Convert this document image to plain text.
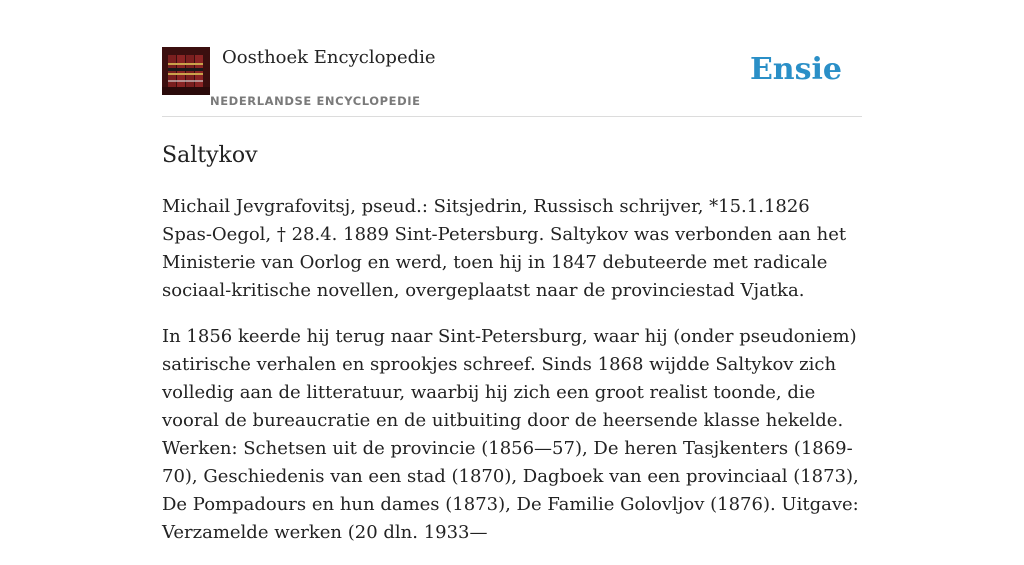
Oosthoek Encyclopedie
NEDERLANDSE ENCYCLOPEDIE
Ensie
Saltykov

Michail Jevgrafovitsj, pseud.: Sitsjedrin, Russisch schrijver, *15.1.1826 Spas-Oegol, † 28.4. 1889 Sint-Petersburg. Saltykov was verbonden aan het Ministerie van Oorlog en werd, toen hij in 1847 debuteerde met radicale sociaal-kritische novellen, overgeplaatst naar de provinciestad Vjatka.

In 1856 keerde hij terug naar Sint-Petersburg, waar hij (onder pseudoniem) satirische verhalen en sprookjes schreef. Sinds 1868 wijdde Saltykov zich volledig aan de litteratuur, waarbij hij zich een groot realist toonde, die vooral de bureaucratie en de uitbuiting door de heersende klasse hekelde. Werken: Schetsen uit de provincie (1856—57), De heren Tasjkenters (1869-70), Geschiedenis van een stad (1870), Dagboek van een provinciaal (1873), De Pompadours en hun dames (1873), De Familie Golovljov (1876). Uitgave: Verzamelde werken (20 dln. 1933—
